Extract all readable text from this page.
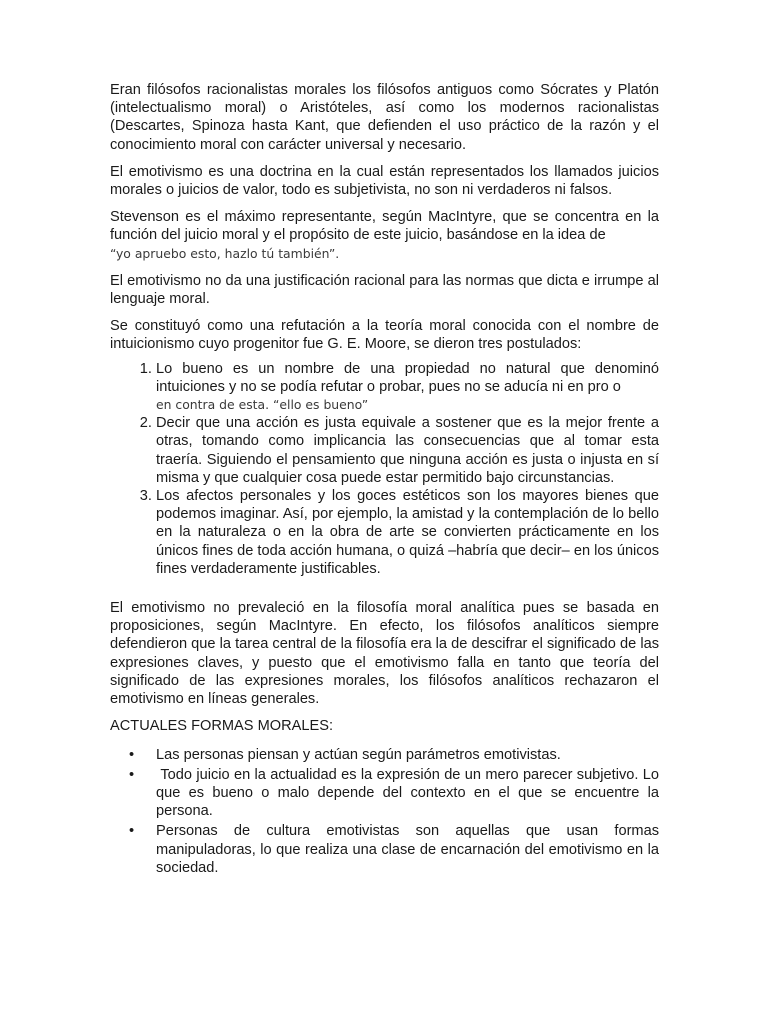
Eran filósofos racionalistas morales los filósofos antiguos como Sócrates y Platón (intelectualismo moral) o Aristóteles, así como los modernos racionalistas (Descartes, Spinoza hasta Kant, que defienden el uso práctico de la razón y el conocimiento moral con carácter universal y necesario.

El emotivismo es una doctrina en la cual están representados los llamados juicios morales o juicios de valor, todo es subjetivista, no son ni verdaderos ni falsos.

Stevenson es el máximo representante, según MacIntyre, que se concentra en la función del juicio moral y el propósito de este juicio, basándose en la idea de
“yo apruebo esto, hazlo tú también”.

El emotivismo no da una justificación racional para las normas que dicta e irrumpe al lenguaje moral.

Se constituyó como una refutación a la teoría moral conocida con el nombre de intuicionismo cuyo progenitor fue G. E. Moore, se dieron tres postulados:

1. Lo bueno es un nombre de una propiedad no natural que denominó intuiciones y no se podía refutar o probar, pues no se aducía ni en pro o
en contra de esta. “ello es bueno”
2. Decir que una acción es justa equivale a sostener que es la mejor frente a otras, tomando como implicancia las consecuencias que al tomar esta traería. Siguiendo el pensamiento que ninguna acción es justa o injusta en sí misma y que cualquier cosa puede estar permitido bajo circunstancias.
3. Los afectos personales y los goces estéticos son los mayores bienes que podemos imaginar. Así, por ejemplo, la amistad y la contemplación de lo bello en la naturaleza o en la obra de arte se convierten prácticamente en los únicos fines de toda acción humana, o quizá –habría que decir– en los únicos fines verdaderamente justificables.

El emotivismo no prevaleció en la filosofía moral analítica pues se basada en proposiciones, según MacIntyre. En efecto, los filósofos analíticos siempre defendieron que la tarea central de la filosofía era la de descifrar el significado de las expresiones claves, y puesto que el emotivismo falla en tanto que teoría del significado de las expresiones morales, los filósofos analíticos rechazaron el emotivismo en líneas generales.

ACTUALES FORMAS MORALES:

• Las personas piensan y actúan según parámetros emotivistas.
• Todo juicio en la actualidad es la expresión de un mero parecer subjetivo. Lo que es bueno o malo depende del contexto en el que se encuentre la persona.
• Personas de cultura emotivistas son aquellas que usan formas manipuladoras, lo que realiza una clase de encarnación del emotivismo en la sociedad.
